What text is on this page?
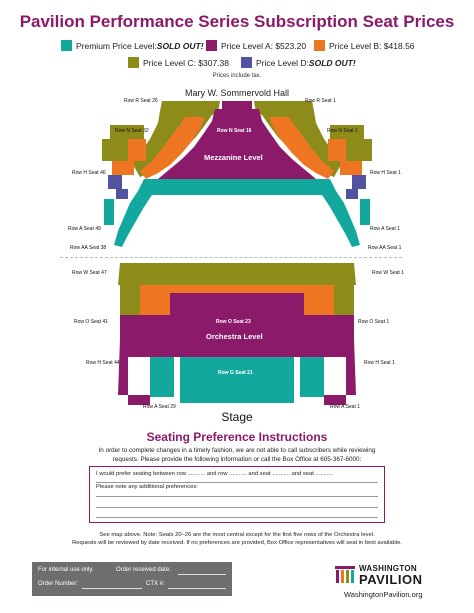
Pavilion Performance Series Subscription Seat Prices
Premium Price Level: SOLD OUT! Price Level A: $523.20	Price Level B: $418.56
Price Level C: $307.38	Price Level D: SOLD OUT!
Prices include tax.
Mary W. Sommervold Hall
Row R Seat 26	Row R Seat 1
Row N Seat 32	Row N Seat 16	Row N Seat 1
Mezzanine Level
Row H Seat 46	Row H Seat 1
Row A Seat 49	Row A Seat 1
Row AA Seat 38	Row AA Seat 1
Row W Seat 47	Row W Seat 1
Row O Seat 41	Row O Seat 23	Row O Seat 1
Orchestra Level
Row H Seat 44	Row H Seat 1
Row G Seat 21
Row A Seat 29	Row A Seat 1
Stage
Seating Preference Instructions
In order to complete changes in a timely fashion, we are not able to call subscribers while reviewing
requests. Please provide the following information or call the Box Office at 605-367-6000:
I would prefer seating between row ........... and row ........... and seat ........... and seat ...........
Please note any additional preferences:
See map above. Note: Seats 20–26 are the most central except for the first five rows of the Orchestra level.
Requests will be reviewed by date received. If no preferences are provided, Box Office representatives will seat in best available.
For internal use only.	Order received date:
Order Number:	CTX #:
WASHINGTON
PAVILION
WashingtonPavilion.org
